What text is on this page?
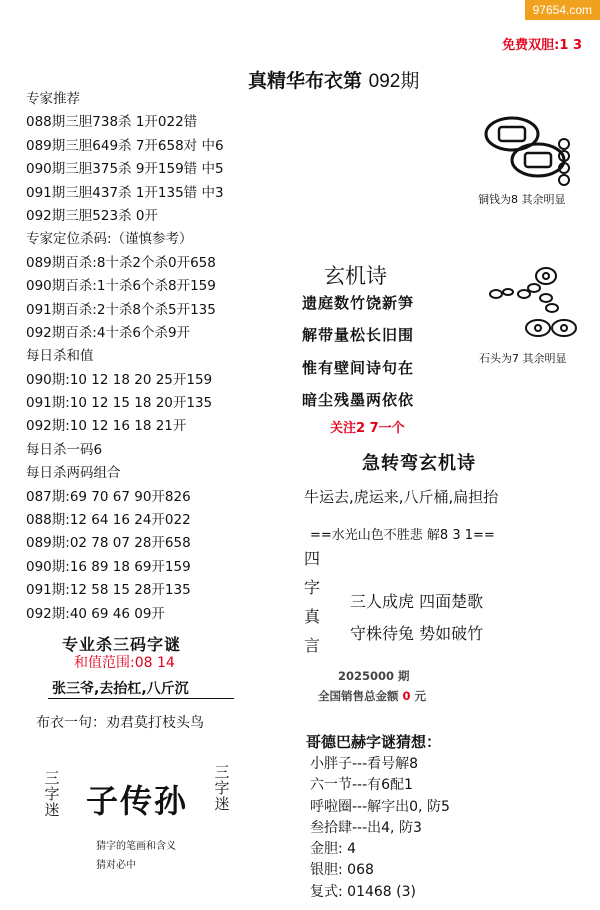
97654.com
免费双胆:1 3
真精华布衣第 092期
专家推荐
088期三胆738杀 1开022错
089期三胆649杀 7开658对 中6
090期三胆375杀 9开159错 中5
091期三胆437杀 1开135错 中3
092期三胆523杀 0开
专家定位杀码:（谨慎参考）
089期百杀:8十杀2个杀0开658
090期百杀:1十杀6个杀8开159
091期百杀:2十杀8个杀5开135
092期百杀:4十杀6个杀9开
每日杀和值
090期:10 12 18 20 25开159
091期:10 12 15 18 20开135
092期:10 12 16 18 21开
每日杀一码6
每日杀两码组合
087期:69 70 67 90开826
088期:12 64 16 24开022
089期:02 78 07 28开658
090期:16 89 18 69开159
091期:12 58 15 28开135
092期:40 69 46 09开
专业杀三码字谜
和值范围:08 14
张三爷,去抬杠,八斤沉
布衣一句：劝君莫打枝头鸟
三字迷 子传孙
三字迷
猜字的笔画和含义
猜对必中
铜钱为8 其余明显
石头为7 其余明显
玄机诗
遗庭数竹饶新笋
解带量松长旧围
惟有壁间诗句在
暗尘残墨两依依
关注2 7一个
急转弯玄机诗
牛运去,虎运来,八斤桶,扁担抬
==水光山色不胜悲 解8 3 1==
四字真言
三人成虎 四面楚歌
守株待兔 势如破竹
2025000 期
全国销售总金额 0 元
哥德巴赫字谜猜想：
小胖子---看号解8
六一节---有6配1
呼啦圈---解字出0, 防5
叁拾肆---出4, 防3
金胆: 4
银胆: 068
复式: 01468 (3)
